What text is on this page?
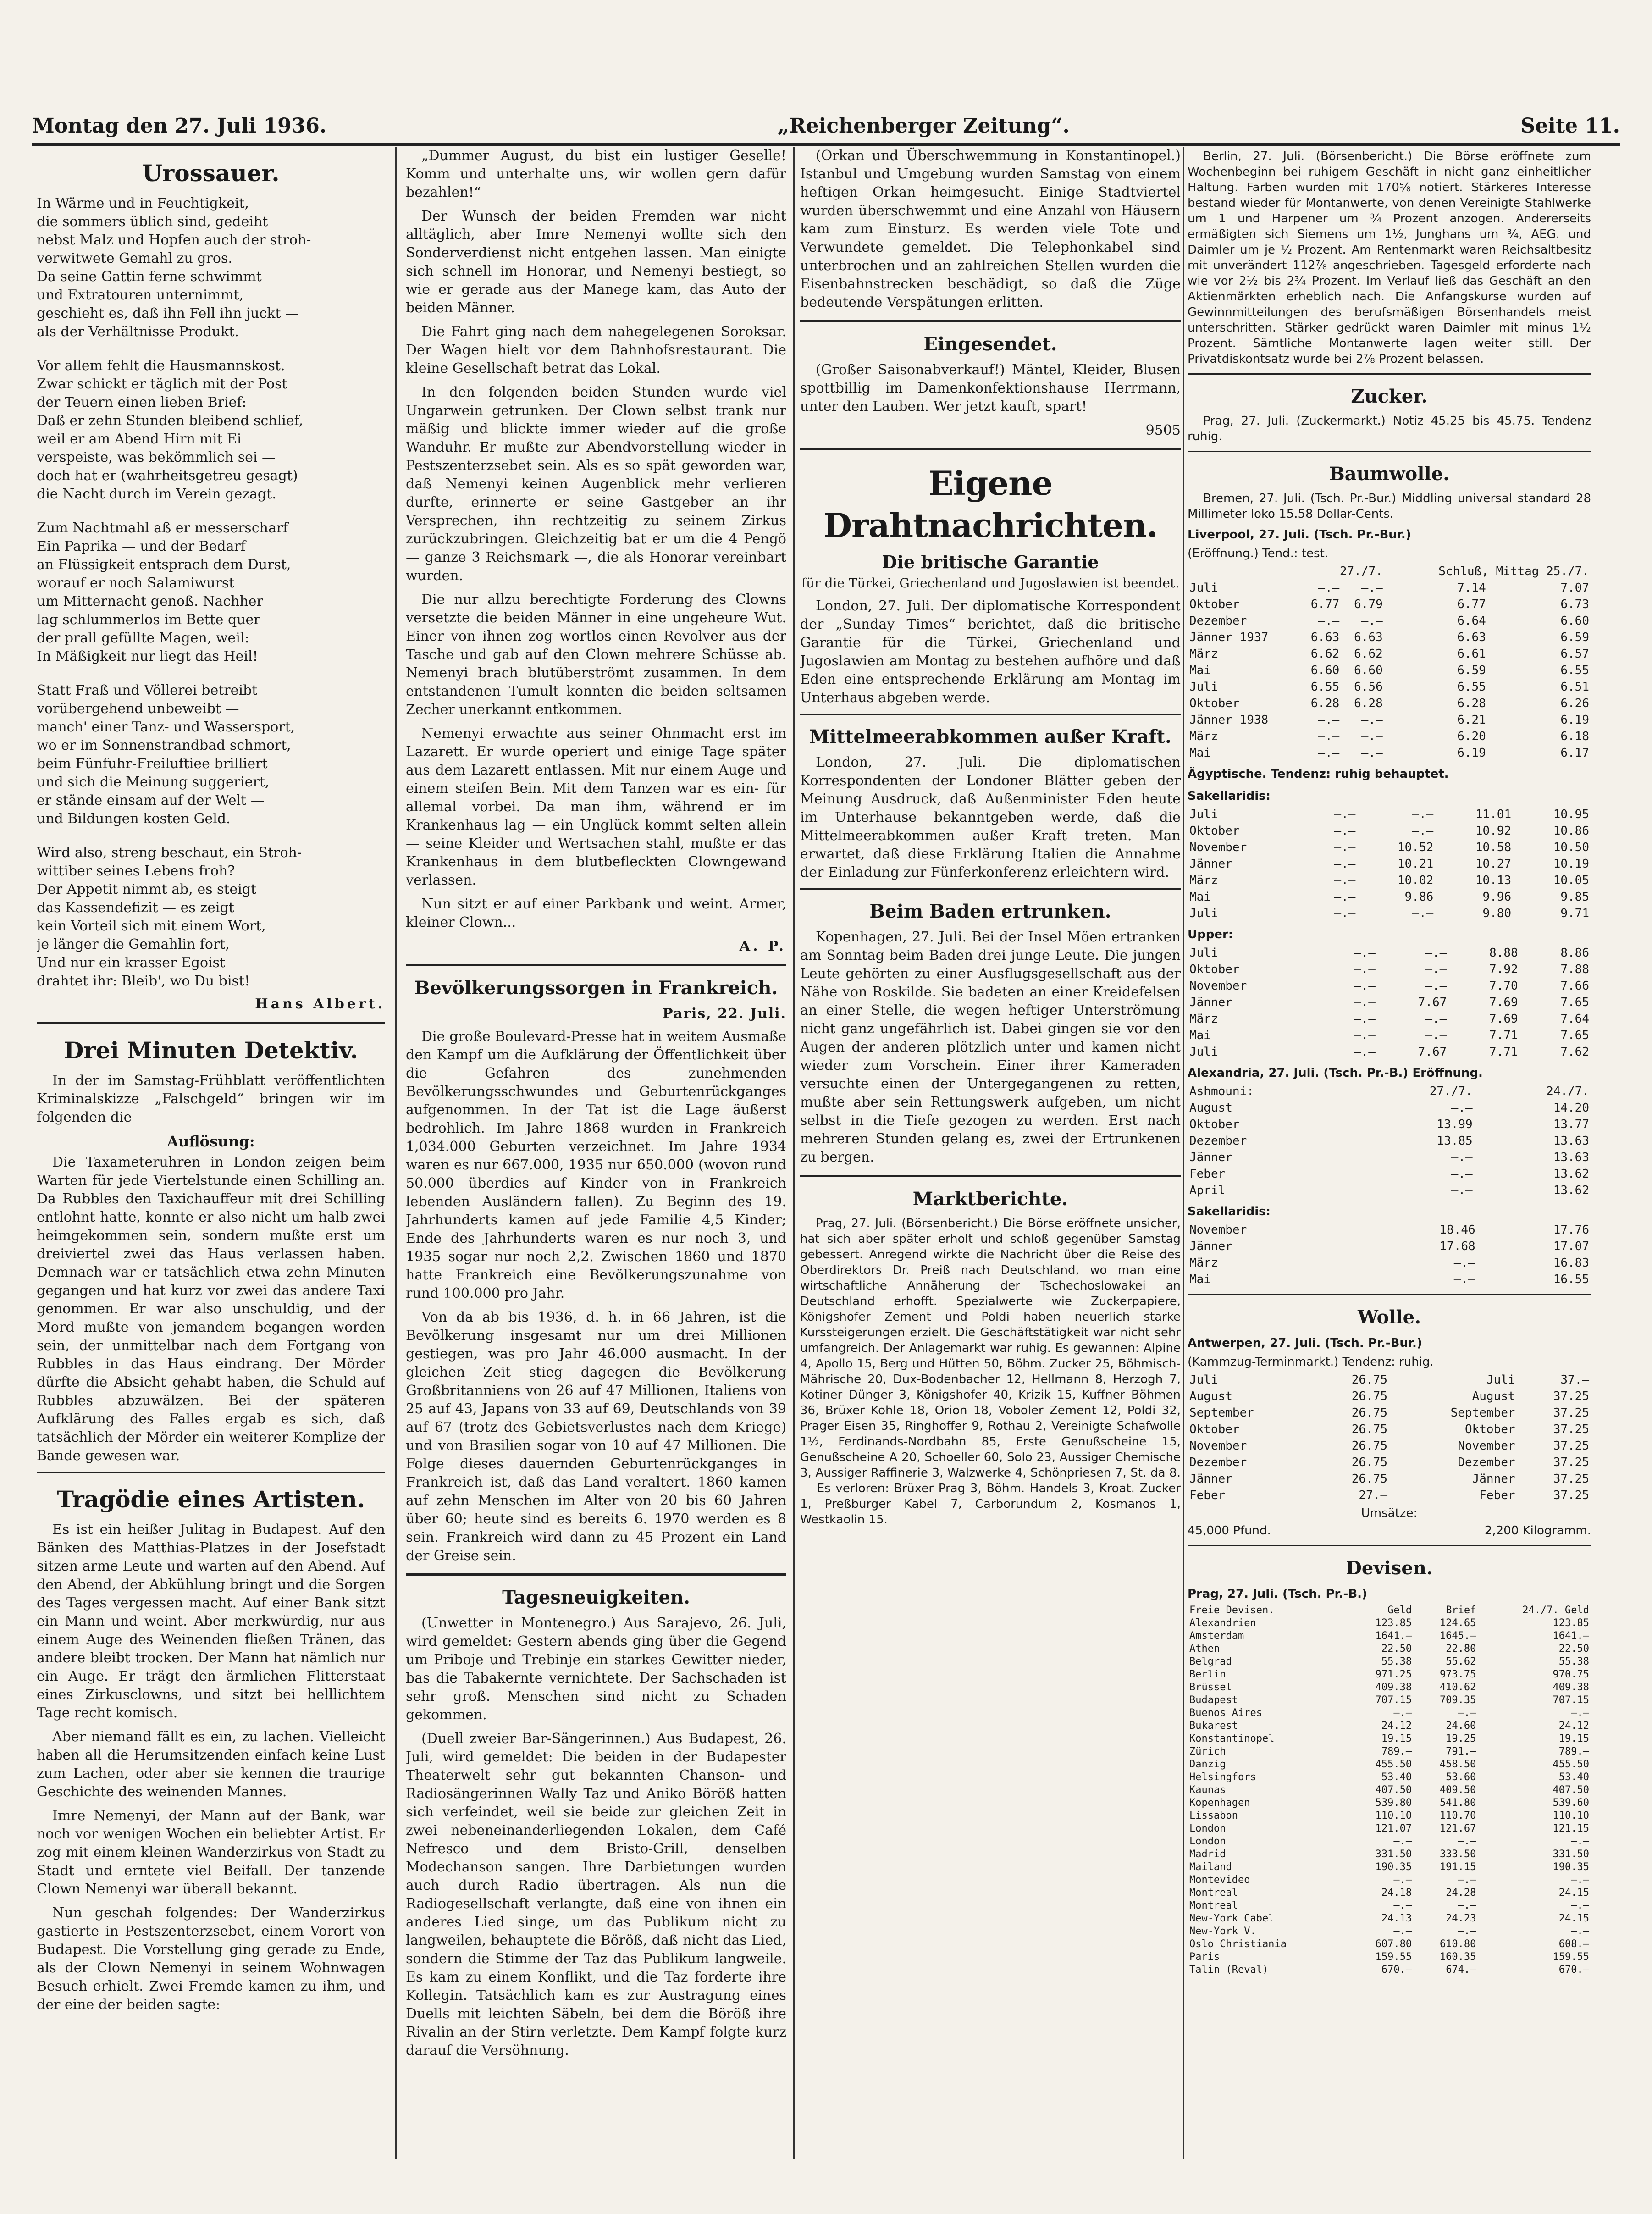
Montag den 27. Juli 1936.	„Reichenberger Zeitung“.	Seite 11.
Urossauer.

In Wärme und in Feuchtigkeit,

die sommers üblich sind, gedeiht

nebst Malz und Hopfen auch der stroh-

verwitwete Gemahl zu gros.

Da seine Gattin ferne schwimmt

und Extratouren unternimmt,

geschieht es, daß ihn Fell ihn juckt —

als der Verhältnisse Produkt.

Vor allem fehlt die Hausmannskost.

Zwar schickt er täglich mit der Post

der Teuern einen lieben Brief:

Daß er zehn Stunden bleibend schlief,

weil er am Abend Hirn mit Ei

verspeiste, was bekömmlich sei —

doch hat er (wahrheitsgetreu gesagt)

die Nacht durch im Verein gezagt.

Zum Nachtmahl aß er messerscharf

Ein Paprika — und der Bedarf

an Flüssigkeit entsprach dem Durst,

worauf er noch Salamiwurst

um Mitternacht genoß. Nachher

lag schlummerlos im Bette quer

der prall gefüllte Magen, weil:

In Mäßigkeit nur liegt das Heil!

Statt Fraß und Völlerei betreibt

vorübergehend unbeweibt —

manch' einer Tanz- und Wassersport,

wo er im Sonnenstrandbad schmort,

beim Fünfuhr-Freiluftiee brilliert

und sich die Meinung suggeriert,

er stände einsam auf der Welt —

und Bildungen kosten Geld.

Wird also, streng beschaut, ein Stroh-

wittiber seines Lebens froh?

Der Appetit nimmt ab, es steigt

das Kassendefizit — es zeigt

kein Vorteil sich mit einem Wort,

je länger die Gemahlin fort,

Und nur ein krasser Egoist

drahtet ihr: Bleib', wo Du bist!

Hans Albert.
Drei Minuten Detektiv.

In der im Samstag-Frühblatt veröffentlichten Kriminalskizze „Falschgeld“ bringen wir im folgenden die

Auflösung:

Die Taxameteruhren in London zeigen beim Warten für jede Viertelstunde einen Schilling an. Da Rubbles den Taxichauffeur mit drei Schilling entlohnt hatte, konnte er also nicht um halb zwei heimgekommen sein, sondern mußte erst um dreiviertel zwei das Haus verlassen haben. Demnach war er tatsächlich etwa zehn Minuten gegangen und hat kurz vor zwei das andere Taxi genommen. Er war also unschuldig, und der Mord mußte von jemandem begangen worden sein, der unmittelbar nach dem Fortgang von Rubbles in das Haus eindrang. Der Mörder dürfte die Absicht gehabt haben, die Schuld auf Rubbles abzuwälzen. Bei der späteren Aufklärung des Falles ergab es sich, daß tatsächlich der Mörder ein weiterer Komplize der Bande gewesen war.

Tragödie eines Artisten.

Es ist ein heißer Julitag in Budapest. Auf den Bänken des Matthias-Platzes in der Josefstadt sitzen arme Leute und warten auf den Abend. Auf den Abend, der Abkühlung bringt und die Sorgen des Tages vergessen macht. Auf einer Bank sitzt ein Mann und weint. Aber merkwürdig, nur aus einem Auge des Weinenden fließen Tränen, das andere bleibt trocken. Der Mann hat nämlich nur ein Auge. Er trägt den ärmlichen Flitterstaat eines Zirkusclowns, und sitzt bei helllichtem Tage recht komisch.

Aber niemand fällt es ein, zu lachen. Vielleicht haben all die Herumsitzenden einfach keine Lust zum Lachen, oder aber sie kennen die traurige Geschichte des weinenden Mannes.

Imre Nemenyi, der Mann auf der Bank, war noch vor wenigen Wochen ein beliebter Artist. Er zog mit einem kleinen Wanderzirkus von Stadt zu Stadt und erntete viel Beifall. Der tanzende Clown Nemenyi war überall bekannt.

Nun geschah folgendes: Der Wanderzirkus gastierte in Pestszenterzsebet, einem Vorort von Budapest. Die Vorstellung ging gerade zu Ende, als der Clown Nemenyi in seinem Wohnwagen Besuch erhielt. Zwei Fremde kamen zu ihm, und der eine der beiden sagte:

„Dummer August, du bist ein lustiger Geselle! Komm und unterhalte uns, wir wollen gern dafür bezahlen!“

Der Wunsch der beiden Fremden war nicht alltäglich, aber Imre Nemenyi wollte sich den Sonderverdienst nicht entgehen lassen. Man einigte sich schnell im Honorar, und Nemenyi bestiegt, so wie er gerade aus der Manege kam, das Auto der beiden Männer.

Die Fahrt ging nach dem nahegelegenen Soroksar. Der Wagen hielt vor dem Bahnhofsrestaurant. Die kleine Gesellschaft betrat das Lokal.

In den folgenden beiden Stunden wurde viel Ungarwein getrunken. Der Clown selbst trank nur mäßig und blickte immer wieder auf die große Wanduhr. Er mußte zur Abendvorstellung wieder in Pestszenterzsebet sein. Als es so spät geworden war, daß Nemenyi keinen Augenblick mehr verlieren durfte, erinnerte er seine Gastgeber an ihr Versprechen, ihn rechtzeitig zu seinem Zirkus zurückzubringen. Gleichzeitig bat er um die 4 Pengö — ganze 3 Reichsmark —, die als Honorar vereinbart wurden.

Die nur allzu berechtigte Forderung des Clowns versetzte die beiden Männer in eine ungeheure Wut. Einer von ihnen zog wortlos einen Revolver aus der Tasche und gab auf den Clown mehrere Schüsse ab. Nemenyi brach blutüberströmt zusammen. In dem entstandenen Tumult konnten die beiden seltsamen Zecher unerkannt entkommen.

Nemenyi erwachte aus seiner Ohnmacht erst im Lazarett. Er wurde operiert und einige Tage später aus dem Lazarett entlassen. Mit nur einem Auge und einem steifen Bein. Mit dem Tanzen war es ein- für allemal vorbei. Da man ihm, während er im Krankenhaus lag — ein Unglück kommt selten allein — seine Kleider und Wertsachen stahl, mußte er das Krankenhaus in dem blutbefleckten Clowngewand verlassen.

Nun sitzt er auf einer Parkbank und weint. Armer, kleiner Clown...

A. P.
Bevölkerungssorgen in Frankreich.
Paris, 22. Juli.

Die große Boulevard-Presse hat in weitem Ausmaße den Kampf um die Aufklärung der Öffentlichkeit über die Gefahren des zunehmenden Bevölkerungsschwundes und Geburtenrückganges aufgenommen. In der Tat ist die Lage äußerst bedrohlich. Im Jahre 1868 wurden in Frankreich 1,034.000 Geburten verzeichnet. Im Jahre 1934 waren es nur 667.000, 1935 nur 650.000 (wovon rund 50.000 überdies auf Kinder von in Frankreich lebenden Ausländern fallen). Zu Beginn des 19. Jahrhunderts kamen auf jede Familie 4,5 Kinder; Ende des Jahrhunderts waren es nur noch 3, und 1935 sogar nur noch 2,2. Zwischen 1860 und 1870 hatte Frankreich eine Bevölkerungszunahme von rund 100.000 pro Jahr.

Von da ab bis 1936, d. h. in 66 Jahren, ist die Bevölkerung insgesamt nur um drei Millionen gestiegen, was pro Jahr 46.000 ausmacht. In der gleichen Zeit stieg dagegen die Bevölkerung Großbritanniens von 26 auf 47 Millionen, Italiens von 25 auf 43, Japans von 33 auf 69, Deutschlands von 39 auf 67 (trotz des Gebietsverlustes nach dem Kriege) und von Brasilien sogar von 10 auf 47 Millionen. Die Folge dieses dauernden Geburtenrückganges in Frankreich ist, daß das Land veraltert. 1860 kamen auf zehn Menschen im Alter von 20 bis 60 Jahren über 60; heute sind es bereits 6. 1970 werden es 8 sein. Frankreich wird dann zu 45 Prozent ein Land der Greise sein.

Tagesneuigkeiten.

(Unwetter in Montenegro.) Aus Sarajevo, 26. Juli, wird gemeldet: Gestern abends ging über die Gegend um Priboje und Trebinje ein starkes Gewitter nieder, bas die Tabakernte vernichtete. Der Sachschaden ist sehr groß. Menschen sind nicht zu Schaden gekommen.

(Duell zweier Bar-Sängerinnen.) Aus Budapest, 26. Juli, wird gemeldet: Die beiden in der Budapester Theaterwelt sehr gut bekannten Chanson- und Radiosängerinnen Wally Taz und Aniko Böröß hatten sich verfeindet, weil sie beide zur gleichen Zeit in zwei nebeneinanderliegenden Lokalen, dem Café Nefresco und dem Bristo-Grill, denselben Modechanson sangen. Ihre Darbietungen wurden auch durch Radio übertragen. Als nun die Radiogesellschaft verlangte, daß eine von ihnen ein anderes Lied singe, um das Publikum nicht zu langweilen, behauptete die Böröß, daß nicht das Lied, sondern die Stimme der Taz das Publikum langweile. Es kam zu einem Konflikt, und die Taz forderte ihre Kollegin. Tatsächlich kam es zur Austragung eines Duells mit leichten Säbeln, bei dem die Böröß ihre Rivalin an der Stirn verletzte. Dem Kampf folgte kurz darauf die Versöhnung.

(Orkan und Überschwemmung in Konstantinopel.) Istanbul und Umgebung wurden Samstag von einem heftigen Orkan heimgesucht. Einige Stadtviertel wurden überschwemmt und eine Anzahl von Häusern kam zum Einsturz. Es werden viele Tote und Verwundete gemeldet. Die Telephonkabel sind unterbrochen und an zahlreichen Stellen wurden die Eisenbahnstrecken beschädigt, so daß die Züge bedeutende Verspätungen erlitten.

Eingesendet.

(Großer Saisonabverkauf!) Mäntel, Kleider, Blusen spottbillig im Damenkonfektionshause Herrmann, unter den Lauben. Wer jetzt kauft, spart!

9505
Eigene Drahtnachrichten.
Die britische Garantie
für die Türkei, Griechenland und Jugoslawien ist beendet.

London, 27. Juli. Der diplomatische Korrespondent der „Sunday Times“ berichtet, daß die britische Garantie für die Türkei, Griechenland und Jugoslawien am Montag zu bestehen aufhöre und daß Eden eine entsprechende Erklärung am Montag im Unterhaus abgeben werde.

Mittelmeerabkommen außer Kraft.

London, 27. Juli. Die diplomatischen Korrespondenten der Londoner Blätter geben der Meinung Ausdruck, daß Außenminister Eden heute im Unterhause bekanntgeben werde, daß die Mittelmeerabkommen außer Kraft treten. Man erwartet, daß diese Erklärung Italien die Annahme der Einladung zur Fünferkonferenz erleichtern wird.

Beim Baden ertrunken.

Kopenhagen, 27. Juli. Bei der Insel Möen ertranken am Sonntag beim Baden drei junge Leute. Die jungen Leute gehörten zu einer Ausflugsgesellschaft aus der Nähe von Roskilde. Sie badeten an einer Kreidefelsen an einer Stelle, die wegen heftiger Unterströmung nicht ganz ungefährlich ist. Dabei gingen sie vor den Augen der anderen plötzlich unter und kamen nicht wieder zum Vorschein. Einer ihrer Kameraden versuchte einen der Untergegangenen zu retten, mußte aber sein Rettungswerk aufgeben, um nicht selbst in die Tiefe gezogen zu werden. Erst nach mehreren Stunden gelang es, zwei der Ertrunkenen zu bergen.

Marktberichte.

Prag, 27. Juli. (Börsenbericht.) Die Börse eröffnete unsicher, hat sich aber später erholt und schloß gegenüber Samstag gebessert. Anregend wirkte die Nachricht über die Reise des Oberdirektors Dr. Preiß nach Deutschland, wo man eine wirtschaftliche Annäherung der Tschechoslowakei an Deutschland erhofft. Spezialwerte wie Zuckerpapiere, Königshofer Zement und Poldi haben neuerlich starke Kurssteigerungen erzielt. Die Geschäftstätigkeit war nicht sehr umfangreich. Der Anlagemarkt war ruhig. Es gewannen: Alpine 4, Apollo 15, Berg und Hütten 50, Böhm. Zucker 25, Böhmisch-Mährische 20, Dux-Bodenbacher 12, Hellmann 8, Herzogh 7, Kotiner Dünger 3, Königshofer 40, Krizik 15, Kuffner Böhmen 36, Brüxer Kohle 18, Orion 18, Voboler Zement 12, Poldi 32, Prager Eisen 35, Ringhoffer 9, Rothau 2, Vereinigte Schafwolle 1½, Ferdinands-Nordbahn 85, Erste Genußscheine 15, Genußscheine A 20, Schoeller 60, Solo 23, Aussiger Chemische 3, Aussiger Raffinerie 3, Walzwerke 4, Schönpriesen 7, St. da 8. — Es verloren: Brüxer Prag 3, Böhm. Handels 3, Kroat. Zucker 1, Preßburger Kabel 7, Carborundum 2, Kosmanos 1, Westkaolin 15.

Berlin, 27. Juli. (Börsenbericht.) Die Börse eröffnete zum Wochenbeginn bei ruhigem Geschäft in nicht ganz einheitlicher Haltung. Farben wurden mit 170⅝ notiert. Stärkeres Interesse bestand wieder für Montanwerte, von denen Vereinigte Stahlwerke um 1 und Harpener um ¾ Prozent anzogen. Andererseits ermäßigten sich Siemens um 1½, Junghans um ¾, AEG. und Daimler um je ½ Prozent. Am Rentenmarkt waren Reichsaltbesitz mit unverändert 112⅞ angeschrieben. Tagesgeld erforderte nach wie vor 2½ bis 2¾ Prozent. Im Verlauf ließ das Geschäft an den Aktienmärkten erheblich nach. Die Anfangskurse wurden auf Gewinnmitteilungen des berufsmäßigen Börsenhandels meist unterschritten. Stärker gedrückt waren Daimler mit minus 1½ Prozent. Sämtliche Montanwerte lagen weiter still. Der Privatdiskontsatz wurde bei 2⅞ Prozent belassen.

Zucker.

Prag, 27. Juli. (Zuckermarkt.) Notiz 45.25 bis 45.75. Tendenz ruhig.

Baumwolle.

Bremen, 27. Juli. (Tsch. Pr.-Bur.) Middling universal standard 28 Millimeter loko 15.58 Dollar-Cents.

Liverpool, 27. Juli. (Tsch. Pr.-Bur.)
(Eröffnung.) Tend.: test.
	27./7.		Schluß, Mittag 25./7.	
Juli	—.—	—.—	7.14	7.07
Oktober	6.77	6.79	6.77	6.73
Dezember	—.—	—.—	6.64	6.60
Jänner 1937	6.63	6.63	6.63	6.59
März	6.62	6.62	6.61	6.57
Mai	6.60	6.60	6.59	6.55
Juli	6.55	6.56	6.55	6.51
Oktober	6.28	6.28	6.28	6.26
Jänner 1938	—.—	—.—	6.21	6.19
März	—.—	—.—	6.20	6.18
Mai	—.—	—.—	6.19	6.17
Ägyptische. Tendenz: ruhig behauptet.
Sakellaridis:
Juli	—.—	—.—	11.01	10.95
Oktober	—.—	—.—	10.92	10.86
November	—.—	10.52	10.58	10.50
Jänner	—.—	10.21	10.27	10.19
März	—.—	10.02	10.13	10.05
Mai	—.—	9.86	9.96	9.85
Juli	—.—	—.—	9.80	9.71
Upper:
Juli	—.—	—.—	8.88	8.86
Oktober	—.—	—.—	7.92	7.88
November	—.—	—.—	7.70	7.66
Jänner	—.—	7.67	7.69	7.65
März	—.—	—.—	7.69	7.64
Mai	—.—	—.—	7.71	7.65
Juli	—.—	7.67	7.71	7.62
Alexandria, 27. Juli. (Tsch. Pr.-B.) Eröffnung.
Ashmouni:	27./7.	24./7.
August	—.—	14.20
Oktober	13.99	13.77
Dezember	13.85	13.63
Jänner	—.—	13.63
Feber	—.—	13.62
April	—.—	13.62
Sakellaridis:
November	18.46	17.76
Jänner	17.68	17.07
März	—.—	16.83
Mai	—.—	16.55
Wolle.
Antwerpen, 27. Juli. (Tsch. Pr.-Bur.)
(Kammzug-Terminmarkt.) Tendenz: ruhig.
Juli	26.75	Juli	37.—
August	26.75	August	37.25
September	26.75	September	37.25
Oktober	26.75	Oktober	37.25
November	26.75	November	37.25
Dezember	26.75	Dezember	37.25
Jänner	26.75	Jänner	37.25
Feber	27.—	Feber	37.25
Umsätze:
45,000 Pfund.	2,200 Kilogramm.
Devisen.
Prag, 27. Juli. (Tsch. Pr.-B.)
Freie Devisen.	Geld	Brief	24./7. Geld
Alexandrien	123.85	124.65	123.85
Amsterdam	1641.—	1645.—	1641.—
Athen	22.50	22.80	22.50
Belgrad	55.38	55.62	55.38
Berlin	971.25	973.75	970.75
Brüssel	409.38	410.62	409.38
Budapest	707.15	709.35	707.15
Buenos Aires	—.—	—.—	—.—
Bukarest	24.12	24.60	24.12
Konstantinopel	19.15	19.25	19.15
Zürich	789.—	791.—	789.—
Danzig	455.50	458.50	455.50
Helsingfors	53.40	53.60	53.40
Kaunas	407.50	409.50	407.50
Kopenhagen	539.80	541.80	539.60
Lissabon	110.10	110.70	110.10
London	121.07	121.67	121.15
London	—.—	—.—	—.—
Madrid	331.50	333.50	331.50
Mailand	190.35	191.15	190.35
Montevideo	—.—	—.—	—.—
Montreal	24.18	24.28	24.15
Montreal	—.—	—.—	—.—
New-York Cabel	24.13	24.23	24.15
New-York V.	—.—	—.—	—.—
Oslo Christiania	607.80	610.80	608.—
Paris	159.55	160.35	159.55
Talin (Reval)	670.—	674.—	670.—
